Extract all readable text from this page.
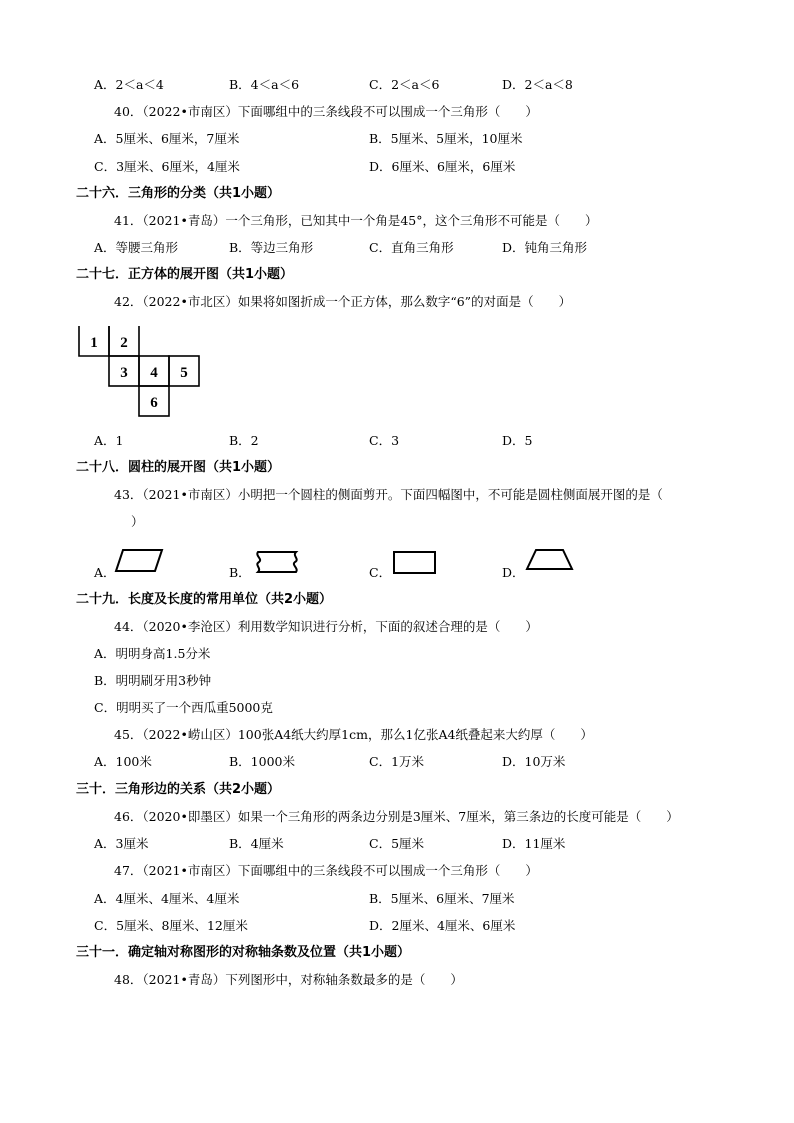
A．2＜a＜4	B．4＜a＜6	C．2＜a＜6	D．2＜a＜8
40．（2022•市南区）下面哪组中的三条线段不可以围成一个三角形（　　）
A．5厘米、6厘米，7厘米	B．5厘米、5厘米，10厘米
C．3厘米、6厘米，4厘米	D．6厘米、6厘米，6厘米
二十六．三角形的分类（共1小题）
41．（2021•青岛）一个三角形，已知其中一个角是45°，这个三角形不可能是（　　）
A．等腰三角形	B．等边三角形	C．直角三角形	D．钝角三角形
二十七．正方体的展开图（共1小题）
42．（2022•市北区）如果将如图折成一个正方体，那么数字“6”的对面是（　　）
1 2
3 4 5
6
A．1	B．2	C．3	D．5
二十八．圆柱的展开图（共1小题）
43．（2021•市南区）小明把一个圆柱的侧面剪开。下面四幅图中，不可能是圆柱侧面展开图的是（
）
A．	B．	C．	D．
二十九．长度及长度的常用单位（共2小题）
44．（2020•李沧区）利用数学知识进行分析，下面的叙述合理的是（　　）
A．明明身高1.5分米
B．明明刷牙用3秒钟
C．明明买了一个西瓜重5000克
45．（2022•崂山区）100张A4纸大约厚1cm，那么1亿张A4纸叠起来大约厚（　　）
A．100米	B．1000米	C．1万米	D．10万米
三十．三角形边的关系（共2小题）
46．（2020•即墨区）如果一个三角形的两条边分别是3厘米、7厘米，第三条边的长度可能是（　　）
A．3厘米	B．4厘米	C．5厘米	D．11厘米
47．（2021•市南区）下面哪组中的三条线段不可以围成一个三角形（　　）
A．4厘米、4厘米、4厘米	B．5厘米、6厘米、7厘米
C．5厘米、8厘米、12厘米	D．2厘米、4厘米、6厘米
三十一．确定轴对称图形的对称轴条数及位置（共1小题）
48．（2021•青岛）下列图形中，对称轴条数最多的是（　　）
